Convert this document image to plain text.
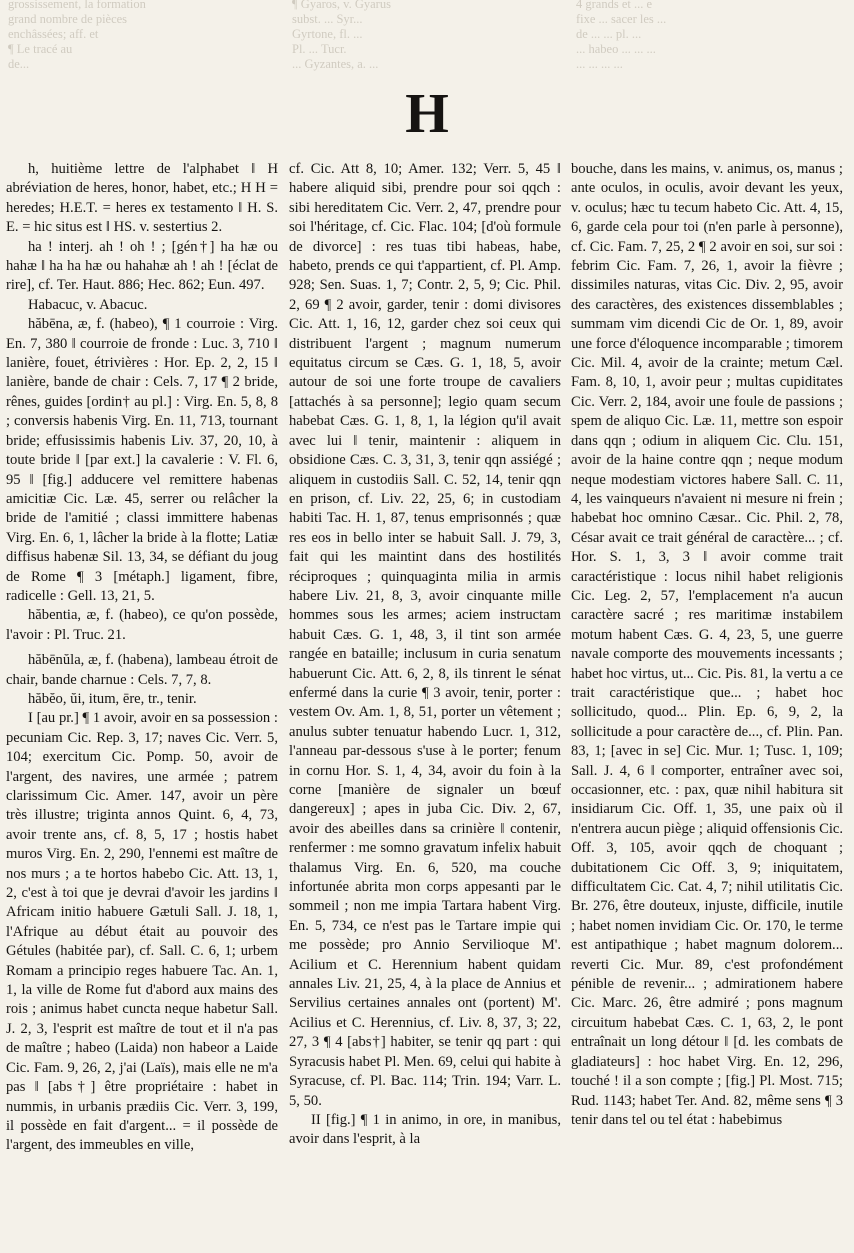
grossissement, la formation
grand nombre de pièces
enchâssées; aff. et
¶ Le tracé au
de...
¶ Gyaros, v. Gyarus
subst. ... Syr...
Gyrtone, fl. ...
Pl. ... Tucr.
... Gyzantes, a. ...
4 grands et ... e
fixe ... sacer les ...
de ... ... pl. ...
... habeo ... ... ...
... ... ... ...
H

h, huitième lettre de l'alphabet ‖ H abréviation de heres, honor, habet, etc.; H H = heredes; H.E.T. = heres ex testamento ‖ H. S. E. = hic situs est ‖ HS. v. sestertius 2.

ha ! interj. ah ! oh ! ; [gén†] ha hæ ou hahæ ‖ ha ha hæ ou hahahæ ah ! ah ! [éclat de rire], cf. Ter. Haut. 886; Hec. 862; Eun. 497.

Habacuc, v. Abacuc.

hăbēna, æ, f. (habeo), ¶ 1 courroie : Virg. En. 7, 380 ‖ courroie de fronde : Luc. 3, 710 ‖ lanière, fouet, étrivières : Hor. Ep. 2, 2, 15 ‖ lanière, bande de chair : Cels. 7, 17 ¶ 2 bride, rênes, guides [ordin† au pl.] : Virg. En. 5, 8, 8 ; conversis habenis Virg. En. 11, 713, tournant bride; effusissimis habenis Liv. 37, 20, 10, à toute bride ‖ [par ext.] la cavalerie : V. Fl. 6, 95 ‖ [fig.] adducere vel remittere habenas amicitiæ Cic. Læ. 45, serrer ou relâcher la bride de l'amitié ; classi immittere habenas Virg. En. 6, 1, lâcher la bride à la flotte; Latiæ diffisus habenæ Sil. 13, 34, se défiant du joug de Rome ¶ 3 [métaph.] ligament, fibre, radicelle : Gell. 13, 21, 5.

hăbentia, æ, f. (habeo), ce qu'on possède, l'avoir : Pl. Truc. 21.

hăbēnŭla, æ, f. (habena), lambeau étroit de chair, bande charnue : Cels. 7, 7, 8.

hăbĕo, ŭi, itum, ēre, tr., tenir.

I [au pr.] ¶ 1 avoir, avoir en sa possession : pecuniam Cic. Rep. 3, 17; naves Cic. Verr. 5, 104; exercitum Cic. Pomp. 50, avoir de l'argent, des navires, une armée ; patrem clarissimum Cic. Amer. 147, avoir un père très illustre; triginta annos Quint. 6, 4, 73, avoir trente ans, cf. 8, 5, 17 ; hostis habet muros Virg. En. 2, 290, l'ennemi est maître de nos murs ; a te hortos habebo Cic. Att. 13, 1, 2, c'est à toi que je devrai d'avoir les jardins ‖ Africam initio habuere Gætuli Sall. J. 18, 1, l'Afrique au début était au pouvoir des Gétules (habitée par), cf. Sall. C. 6, 1; urbem Romam a principio reges habuere Tac. An. 1, 1, la ville de Rome fut d'abord aux mains des rois ; animus habet cuncta neque habetur Sall. J. 2, 3, l'esprit est maître de tout et il n'a pas de maître ; habeo (Laida) non habeor a Laide Cic. Fam. 9, 26, 2, j'ai (Laïs), mais elle ne m'a pas ‖ [abs†] être propriétaire : habet in nummis, in urbanis prædiis Cic. Verr. 3, 199, il possède en fait d'argent... = il possède de l'argent, des immeubles en ville,

cf. Cic. Att 8, 10; Amer. 132; Verr. 5, 45 ‖ habere aliquid sibi, prendre pour soi qqch : sibi hereditatem Cic. Verr. 2, 47, prendre pour soi l'héritage, cf. Cic. Flac. 104; [d'où formule de divorce] : res tuas tibi habeas, habe, habeto, prends ce qui t'appartient, cf. Pl. Amp. 928; Sen. Suas. 1, 7; Contr. 2, 5, 9; Cic. Phil. 2, 69 ¶ 2 avoir, garder, tenir : domi divisores Cic. Att. 1, 16, 12, garder chez soi ceux qui distribuent l'argent ; magnum numerum equitatus circum se Cæs. G. 1, 18, 5, avoir autour de soi une forte troupe de cavaliers [attachés à sa personne]; legio quam secum habebat Cæs. G. 1, 8, 1, la légion qu'il avait avec lui ‖ tenir, maintenir : aliquem in obsidione Cæs. C. 3, 31, 3, tenir qqn assiégé ; aliquem in custodiis Sall. C. 52, 14, tenir qqn en prison, cf. Liv. 22, 25, 6; in custodiam habiti Tac. H. 1, 87, tenus emprisonnés ; quæ res eos in bello inter se habuit Sall. J. 79, 3, fait qui les maintint dans des hostilités réciproques ; quinquaginta milia in armis habere Liv. 21, 8, 3, avoir cinquante mille hommes sous les armes; aciem instructam habuit Cæs. G. 1, 48, 3, il tint son armée rangée en bataille; inclusum in curia senatum habuerunt Cic. Att. 6, 2, 8, ils tinrent le sénat enfermé dans la curie ¶ 3 avoir, tenir, porter : vestem Ov. Am. 1, 8, 51, porter un vêtement ; anulus subter tenuatur habendo Lucr. 1, 312, l'anneau par-dessous s'use à le porter; fenum in cornu Hor. S. 1, 4, 34, avoir du foin à la corne [manière de signaler un bœuf dangereux] ; apes in juba Cic. Div. 2, 67, avoir des abeilles dans sa crinière ‖ contenir, renfermer : me somno gravatum infelix habuit thalamus Virg. En. 6, 520, ma couche infortunée abrita mon corps appesanti par le sommeil ; non me impia Tartara habent Virg. En. 5, 734, ce n'est pas le Tartare impie qui me possède; pro Annio Servilioque M'. Acilium et C. Herennium habent quidam annales Liv. 21, 25, 4, à la place de Annius et Servilius certaines annales ont (portent) M'. Acilius et C. Herennius, cf. Liv. 8, 37, 3; 22, 27, 3 ¶ 4 [abs†] habiter, se tenir qq part : qui Syracusis habet Pl. Men. 69, celui qui habite à Syracuse, cf. Pl. Bac. 114; Trin. 194; Varr. L. 5, 50.

II [fig.] ¶ 1 in animo, in ore, in manibus, avoir dans l'esprit, à la

bouche, dans les mains, v. animus, os, manus ; ante oculos, in oculis, avoir devant les yeux, v. oculus; hæc tu tecum habeto Cic. Att. 4, 15, 6, garde cela pour toi (n'en parle à personne), cf. Cic. Fam. 7, 25, 2 ¶ 2 avoir en soi, sur soi : febrim Cic. Fam. 7, 26, 1, avoir la fièvre ; dissimiles naturas, vitas Cic. Div. 2, 95, avoir des caractères, des existences dissemblables ; summam vim dicendi Cic de Or. 1, 89, avoir une force d'éloquence incomparable ; timorem Cic. Mil. 4, avoir de la crainte; metum Cæl. Fam. 8, 10, 1, avoir peur ; multas cupiditates Cic. Verr. 2, 184, avoir une foule de passions ; spem de aliquo Cic. Læ. 11, mettre son espoir dans qqn ; odium in aliquem Cic. Clu. 151, avoir de la haine contre qqn ; neque modum neque modestiam victores habere Sall. C. 11, 4, les vainqueurs n'avaient ni mesure ni frein ; habebat hoc omnino Cæsar.. Cic. Phil. 2, 78, César avait ce trait général de caractère... ; cf. Hor. S. 1, 3, 3 ‖ avoir comme trait caractéristique : locus nihil habet religionis Cic. Leg. 2, 57, l'emplacement n'a aucun caractère sacré ; res maritimæ instabilem motum habent Cæs. G. 4, 23, 5, une guerre navale comporte des mouvements incessants ; habet hoc virtus, ut... Cic. Pis. 81, la vertu a ce trait caractéristique que... ; habet hoc sollicitudo, quod... Plin. Ep. 6, 9, 2, la sollicitude a pour caractère de..., cf. Plin. Pan. 83, 1; [avec in se] Cic. Mur. 1; Tusc. 1, 109; Sall. J. 4, 6 ‖ comporter, entraîner avec soi, occasionner, etc. : pax, quæ nihil habitura sit insidiarum Cic. Off. 1, 35, une paix où il n'entrera aucun piège ; aliquid offensionis Cic. Off. 3, 105, avoir qqch de choquant ; dubitationem Cic Off. 3, 9; iniquitatem, difficultatem Cic. Cat. 4, 7; nihil utilitatis Cic. Br. 276, être douteux, injuste, difficile, inutile ; habet nomen invidiam Cic. Or. 170, le terme est antipathique ; habet magnum dolorem... reverti Cic. Mur. 89, c'est profondément pénible de revenir... ; admirationem habere Cic. Marc. 26, être admiré ; pons magnum circuitum habebat Cæs. C. 1, 63, 2, le pont entraînait un long détour ‖ [d. les combats de gladiateurs] : hoc habet Virg. En. 12, 296, touché ! il a son compte ; [fig.] Pl. Most. 715; Rud. 1143; habet Ter. And. 82, même sens ¶ 3 tenir dans tel ou tel état : habebimus
